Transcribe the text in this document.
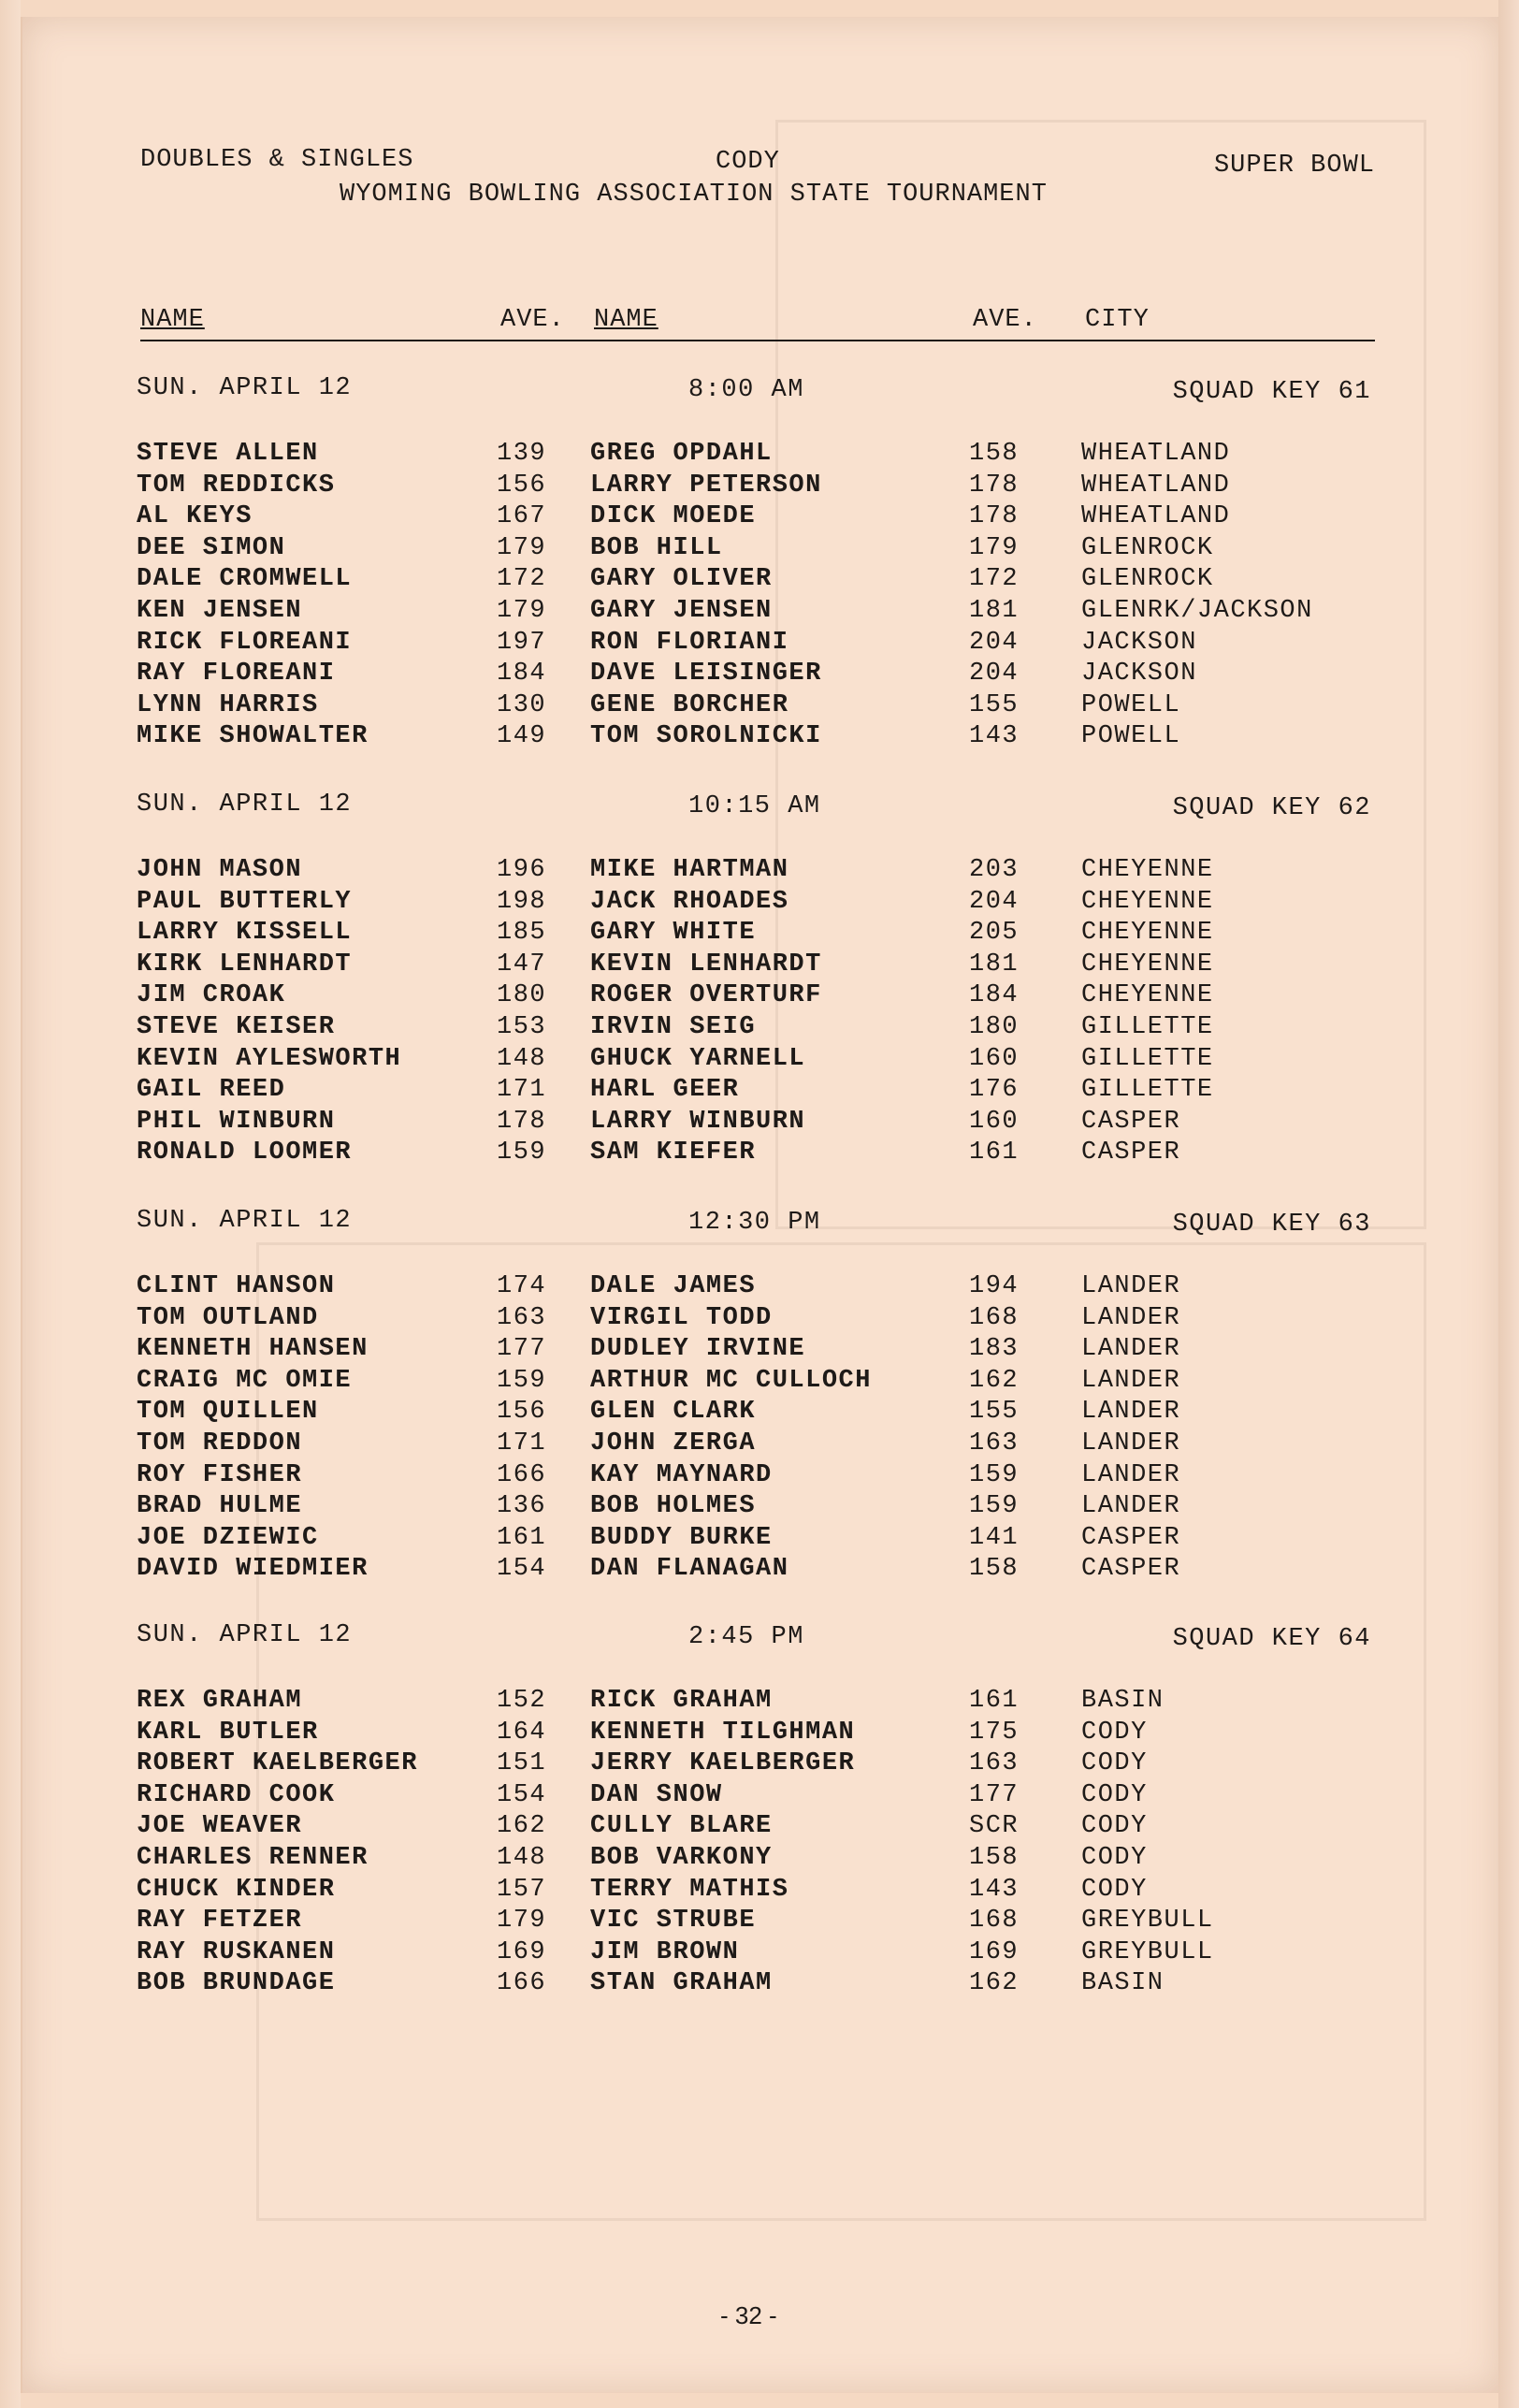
DOUBLES & SINGLES	CODY	SUPER BOWL
WYOMING BOWLING ASSOCIATION STATE TOURNAMENT
NAME	AVE. NAME	AVE. CITY
SUN. APRIL 12	8:00 AM	SQUAD KEY 61
STEVE ALLEN	139 GREG OPDAHL	158 WHEATLAND
TOM REDDICKS	156 LARRY PETERSON	178 WHEATLAND
AL KEYS	167 DICK MOEDE	178 WHEATLAND
DEE SIMON	179 BOB HILL	179 GLENROCK
DALE CROMWELL	172 GARY OLIVER	172 GLENROCK
KEN JENSEN	179 GARY JENSEN	181 GLENRK/JACKSON
RICK FLOREANI	197 RON FLORIANI	204 JACKSON
RAY FLOREANI	184 DAVE LEISINGER	204 JACKSON
LYNN HARRIS	130 GENE BORCHER	155 POWELL
MIKE SHOWALTER	149 TOM SOROLNICKI	143 POWELL
SUN. APRIL 12	10:15 AM	SQUAD KEY 62
JOHN MASON	196 MIKE HARTMAN	203 CHEYENNE
PAUL BUTTERLY	198 JACK RHOADES	204 CHEYENNE
LARRY KISSELL	185 GARY WHITE	205 CHEYENNE
KIRK LENHARDT	147 KEVIN LENHARDT	181 CHEYENNE
JIM CROAK	180 ROGER OVERTURF	184 CHEYENNE
STEVE KEISER	153 IRVIN SEIG	180 GILLETTE
KEVIN AYLESWORTH	148 GHUCK YARNELL	160 GILLETTE
GAIL REED	171 HARL GEER	176 GILLETTE
PHIL WINBURN	178 LARRY WINBURN	160 CASPER
RONALD LOOMER	159 SAM KIEFER	161 CASPER
SUN. APRIL 12	12:30 PM	SQUAD KEY 63
CLINT HANSON	174 DALE JAMES	194 LANDER
TOM OUTLAND	163 VIRGIL TODD	168 LANDER
KENNETH HANSEN	177 DUDLEY IRVINE	183 LANDER
CRAIG MC OMIE	159 ARTHUR MC CULLOCH	162 LANDER
TOM QUILLEN	156 GLEN CLARK	155 LANDER
TOM REDDON	171 JOHN ZERGA	163 LANDER
ROY FISHER	166 KAY MAYNARD	159 LANDER
BRAD HULME	136 BOB HOLMES	159 LANDER
JOE DZIEWIC	161 BUDDY BURKE	141 CASPER
DAVID WIEDMIER	154 DAN FLANAGAN	158 CASPER
SUN. APRIL 12	2:45 PM	SQUAD KEY 64
REX GRAHAM	152 RICK GRAHAM	161 BASIN
KARL BUTLER	164 KENNETH TILGHMAN	175 CODY
ROBERT KAELBERGER	151 JERRY KAELBERGER	163 CODY
RICHARD COOK	154 DAN SNOW	177 CODY
JOE WEAVER	162 CULLY BLARE	SCR CODY
CHARLES RENNER	148 BOB VARKONY	158 CODY
CHUCK KINDER	157 TERRY MATHIS	143 CODY
RAY FETZER	179 VIC STRUBE	168 GREYBULL
RAY RUSKANEN	169 JIM BROWN	169 GREYBULL
BOB BRUNDAGE	166 STAN GRAHAM	162 BASIN
- 32 -
